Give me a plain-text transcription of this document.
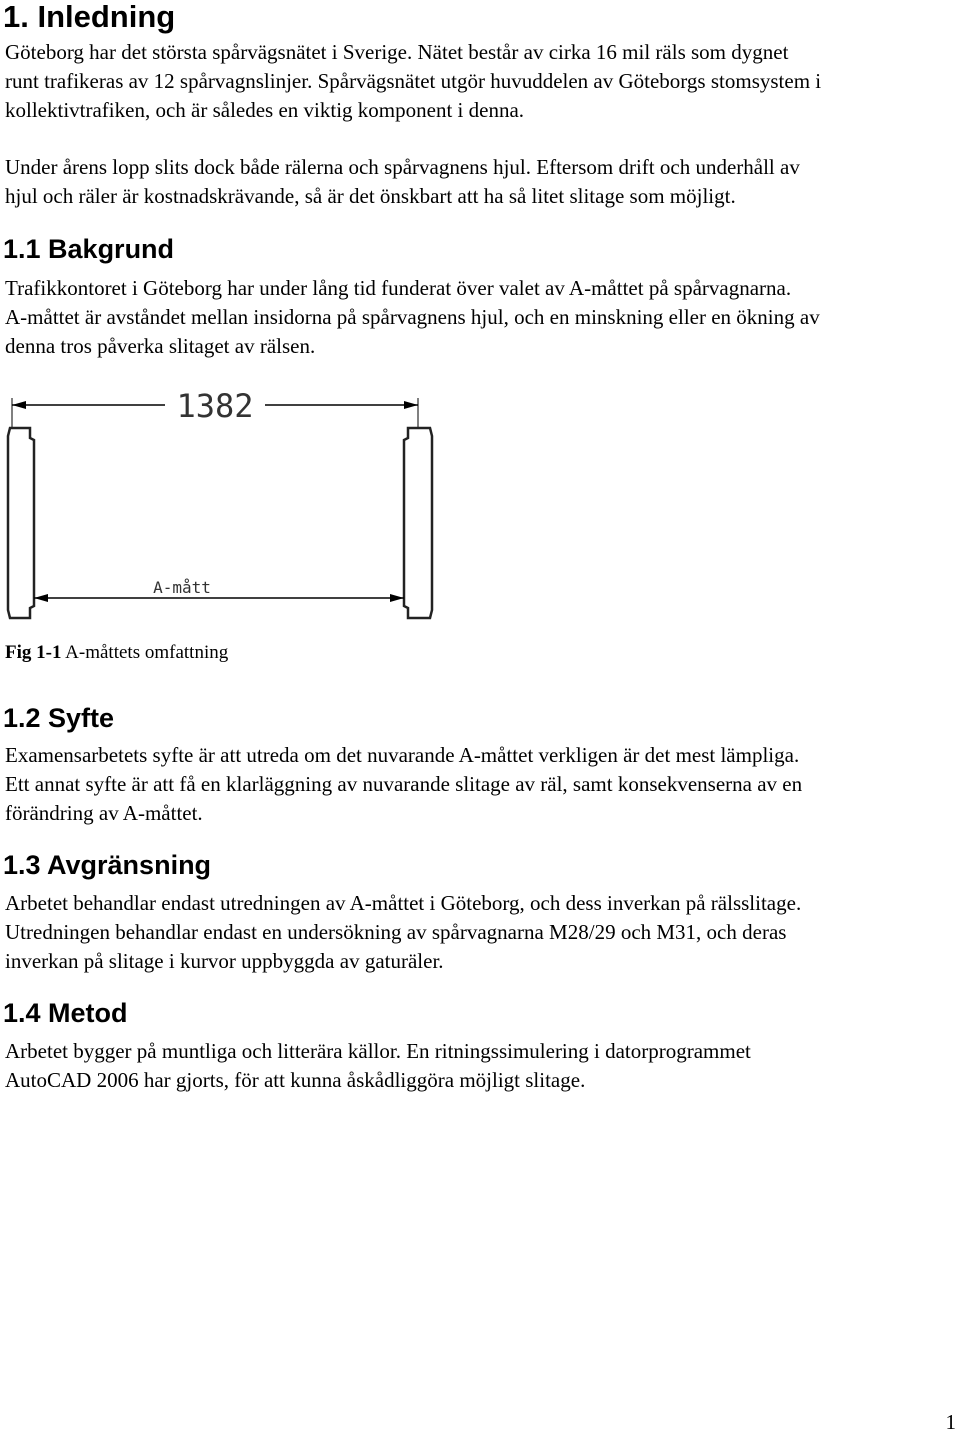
1. Inledning

Göteborg har det största spårvägsnätet i Sverige. Nätet består av cirka 16 mil räls som dygnet
runt trafikeras av 12 spårvagnslinjer. Spårvägsnätet utgör huvuddelen av Göteborgs stomsystem i
kollektivtrafiken, och är således en viktig komponent i denna.

Under årens lopp slits dock både rälerna och spårvagnens hjul. Eftersom drift och underhåll av
hjul och räler är kostnadskrävande, så är det önskbart att ha så litet slitage som möjligt.

1.1 Bakgrund

Trafikkontoret i Göteborg har under lång tid funderat över valet av A-måttet på spårvagnarna.
A-måttet är avståndet mellan insidorna på spårvagnens hjul, och en minskning eller en ökning av
denna tros påverka slitaget av rälsen.

1382
A-mått

Fig 1-1 A-måttets omfattning

1.2 Syfte

Examensarbetets syfte är att utreda om det nuvarande A-måttet verkligen är det mest lämpliga.
Ett annat syfte är att få en klarläggning av nuvarande slitage av räl, samt konsekvenserna av en
förändring av A-måttet.

1.3 Avgränsning

Arbetet behandlar endast utredningen av A-måttet i Göteborg, och dess inverkan på rälsslitage.
Utredningen behandlar endast en undersökning av spårvagnarna M28/29 och M31, och deras
inverkan på slitage i kurvor uppbyggda av gaturäler.

1.4 Metod

Arbetet bygger på muntliga och litterära källor. En ritningssimulering i datorprogrammet
AutoCAD 2006 har gjorts, för att kunna åskådliggöra möjligt slitage.

1
